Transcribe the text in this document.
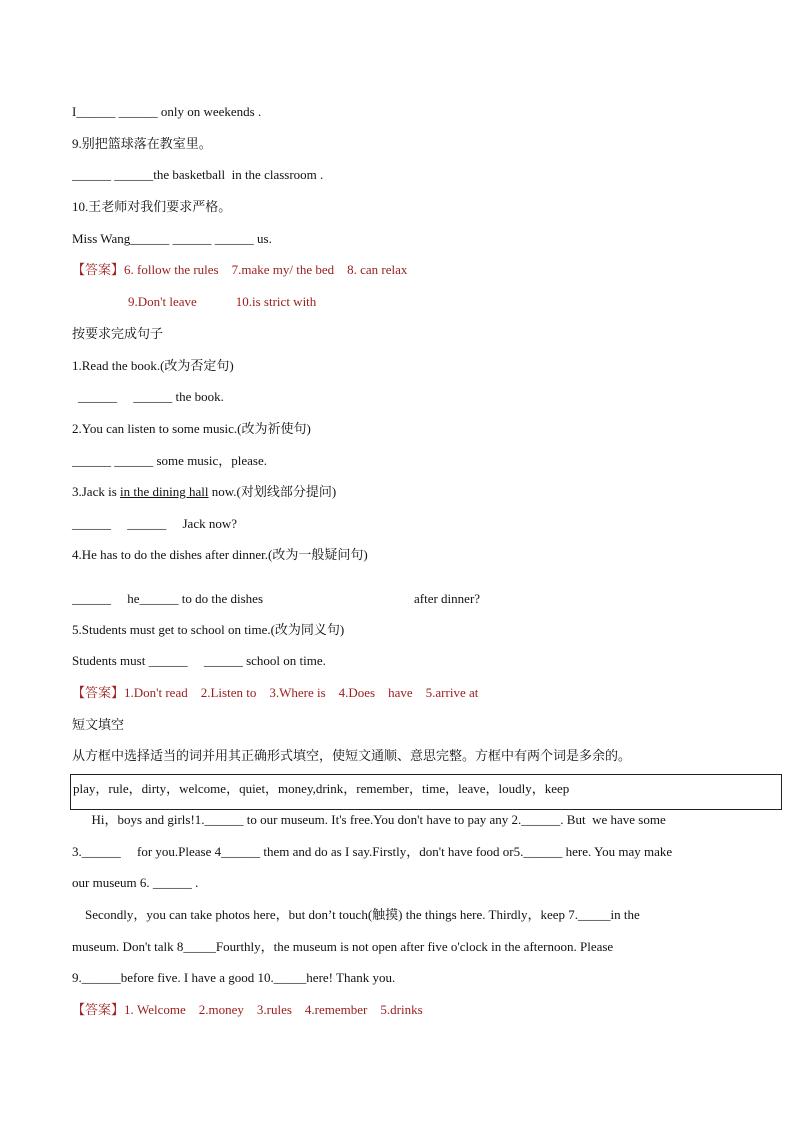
I______ ______ only on weekends .
9.别把篮球落在教室里。
______ ______the basketball  in the classroom .
10.王老师对我们要求严格。
Miss Wang______ ______ ______ us.
【答案】6. follow the rules    7.make my/ the bed    8. can relax
9.Don't leave            10.is strict with
按要求完成句子
1.Read the book.(改为否定句)
______     ______ the book.
2.You can listen to some music.(改为祈使句)
______ ______ some music，please.
3.Jack is in the dining hall now.(对划线部分提问)
______     ______     Jack now?
4.He has to do the dishes after dinner.(改为一般疑问句)
______     he______ to do the dishes	after dinner?
5.Students must get to school on time.(改为同义句)
Students must ______     ______ school on time.
【答案】1.Don't read    2.Listen to    3.Where is    4.Does    have    5.arrive at
短文填空
从方框中选择适当的词并用其正确形式填空，使短文通顺、意思完整。方框中有两个词是多余的。
play，rule，dirty，welcome，quiet，money,drink，remember，time，leave，loudly，keep
Hi，boys and girls!1.______ to our museum. It's free.You don't have to pay any 2.______. But  we have some
3.______     for you.Please 4______ them and do as I say.Firstly，don't have food or5.______ here. You may make
our museum 6. ______ .
Secondly，you can take photos here，but don’t touch(触摸) the things here. Thirdly，keep 7._____in the
museum. Don't talk 8_____Fourthly，the museum is not open after five o'clock in the afternoon. Please
9.______before five. I have a good 10._____here! Thank you.
【答案】1. Welcome    2.money    3.rules    4.remember    5.drinks
